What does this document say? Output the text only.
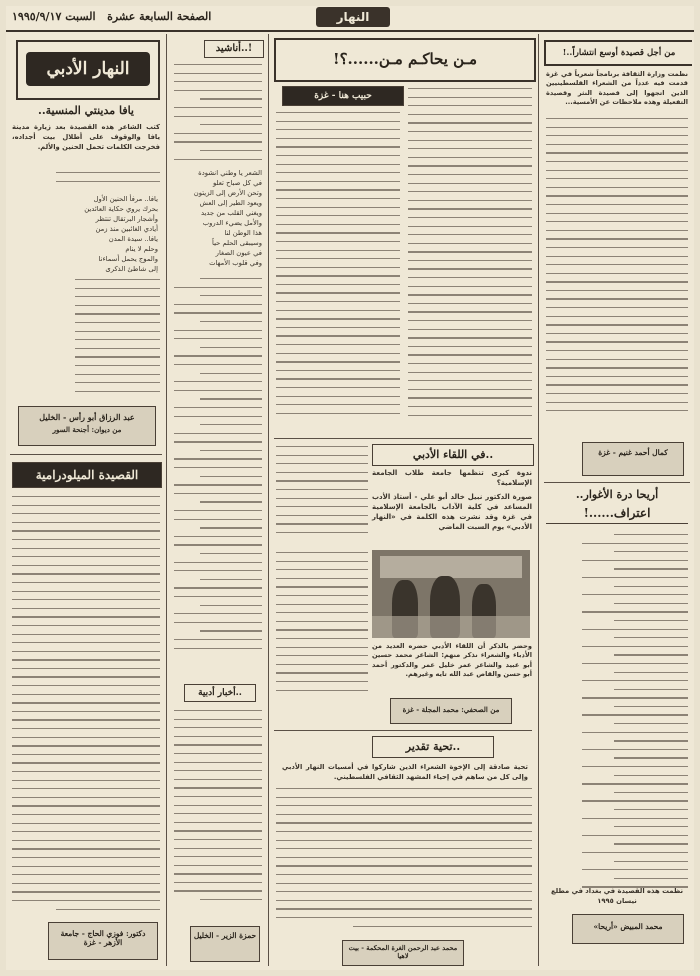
الصفحة السابعة عشرة   السبت ١٩٩٥/٩/١٧	النهار
النهار الأدبي
يافا مدينتي المنسية..
كتب الشاعر هذه القصيدة بعد زيارة مدينة يافا والوقوف على أطلال بيت أجداده، فخرجت الكلمات تحمل الحنين والألم.
يافا.. مرفأ الحنين الأول
بحرك يروي حكاية العائدين
وأشجار البرتقال تنتظر
أيادي الغائبين منذ زمن
يافا.. سيدة المدن
وحلم لا ينام
والموج يحمل أسماءنا
إلى شاطئ الذكرى
عبد الرزاق أبو رأس - الخليل
من ديوان: أجنحة السور
القصيدة الميلودرامية
دكتور: فوزي الحاج - جامعة الأزهر - غزة
أناشيد..!
الشعر يا وطني انشودة
في كل صباح تعلو
وتحن الأرض إلى الزيتون
ويعود الطير إلى العش
ويغني القلب من جديد
والأمل يضيء الدروب
هذا الوطن لنا
وسيبقى الحلم حياً
في عيون الصغار
وفي قلوب الأمهات
أخبار أدبية..
حمزة الزير - الخليل
مـن يحاكـم مـن......؟!
حبيب هنا - غزة
في اللقاء الأدبي..
ندوة كبرى تنظمها جامعة طلاب الجامعة الإسلامية؟
صورة الدكتور نبيل خالد أبو علي - أستاذ الأدب المساعد في كلية الآداب بالجامعة الإسلامية في غزة وقد نشرت هذه الكلمة في «النهار الأدبي» يوم السبت الماضي
وحضر بالذكر أن اللقاء الأدبي حضره العديد من الأدباء والشعراء نذكر منهم: الشاعر محمد حسين أبو عبيد والشاعر عمر خليل عمر والدكتور أحمد أبو حسن والقاص عبد الله تايه وغيرهم.
من الصحفي: محمد المجلة - غزة
تحية تقدير..
تحية صادقة إلى الإخوة الشعراء الذين شاركوا في أمسيات النهار الأدبي وإلى كل من ساهم في إحياء المشهد الثقافي الفلسطيني.
محمد عبد الرحمن الغرة المحكمة - بيت لاهيا
من أجل قصيدة أوسع انتشاراً..!
نظمت وزارة الثقافة برنامجاً شعرياً في غزة قدمت فيه عدداً من الشعراء الفلسطينيين الذين اتجهوا إلى قصيدة النثر وقصيدة التفعيلة وهذه ملاحظات عن الأمسية...
كمال أحمد غنيم - غزة
أريحا درة الأغوار..
اعتراف......!
نظمت هذه القصيدة في بغداد في مطلع نيسان ١٩٩٥
محمد المبيض «أريحا»
